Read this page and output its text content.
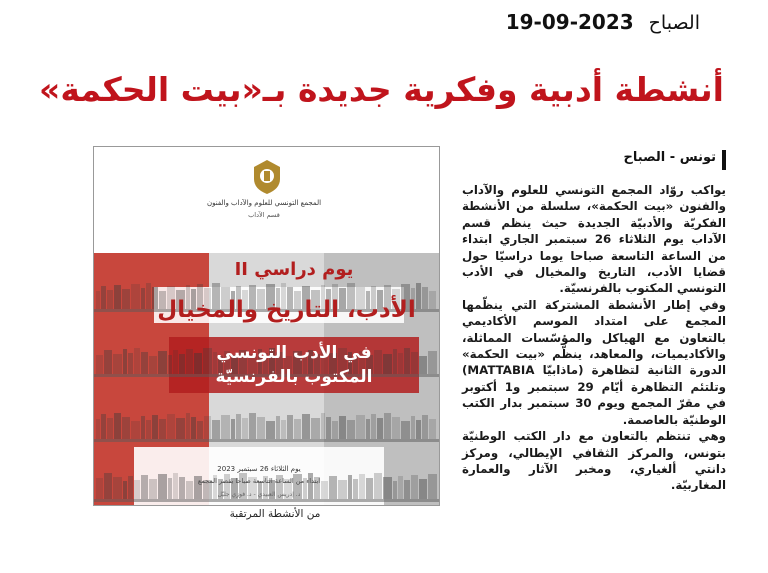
الصباح 2023-09-19
أنشطة أدبية وفكرية جديدة بـ«بيت الحكمة»
تونس - الصباح

يواكب روّاد المجمع التونسي للعلوم والآداب والفنون «بيت الحكمة»، سلسلة من الأنشطة الفكريّة والأدبيّة الجديدة حيث ينظم قسم الآداب يوم الثلاثاء 26 سبتمبر الجاري ابتداء من الساعة التاسعة صباحا يوما دراسيّا حول قضايا الأدب، التاريخ والمخيال في الأدب التونسي المكتوب بالفرنسيّة.

وفي إطار الأنشطة المشتركة التي ينظّمها المجمع على امتداد الموسم الأكاديمي بالتعاون مع الهياكل والمؤسّسات المماثلة، والأكاديميات، والمعاهد، ينظّم «بيت الحكمة» الدورة الثانية لتظاهرة (ماذابيّا MATTABIA) وتلتئم التظاهرة أيّام 29 سبتمبر و1 أكتوبر في مقرّ المجمع ويوم 30 سبتمبر بدار الكتب الوطنيّة بالعاصمة.

وهي تنتظم بالتعاون مع دار الكتب الوطنيّة بتونس، والمركز الثقافي الإيطالي، ومركز دانتي ألغياري، ومخبر الآثار والعمارة المغاربيّة.

المجمع التونسي للعلوم والآداب والفنون
قسم الآداب
يوم دراسي II
الأدب، التاريخ والمخيال
في الأدب التونسي
المكتوب بالفرنسيّة
يوم الثلاثاء 26 سبتمبر 2023
ابتداء من الساعة التاسعة صباحا بقصر المجمع
د. إدريس العبيدي - د. فوزي جليّل
من الأنشطة المرتقبة
